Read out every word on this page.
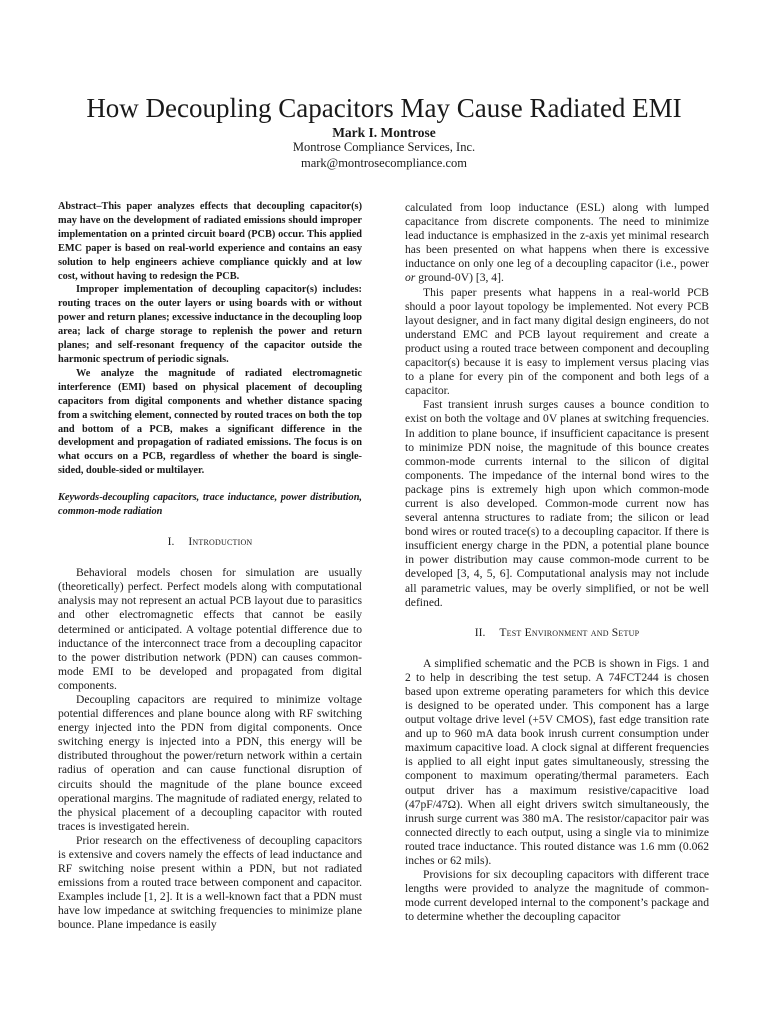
How Decoupling Capacitors May Cause Radiated EMI
Mark I. Montrose
Montrose Compliance Services, Inc.
mark@montrosecompliance.com

Abstract–This paper analyzes effects that decoupling capacitor(s) may have on the development of radiated emissions should improper implementation on a printed circuit board (PCB) occur. This applied EMC paper is based on real-world experience and contains an easy solution to help engineers achieve compliance quickly and at low cost, without having to redesign the PCB.

Improper implementation of decoupling capacitor(s) includes: routing traces on the outer layers or using boards with or without power and return planes; excessive inductance in the decoupling loop area; lack of charge storage to replenish the power and return planes; and self-resonant frequency of the capacitor outside the harmonic spectrum of periodic signals.

We analyze the magnitude of radiated electromagnetic interference (EMI) based on physical placement of decoupling capacitors from digital components and whether distance spacing from a switching element, connected by routed traces on both the top and bottom of a PCB, makes a significant difference in the development and propagation of radiated emissions. The focus is on what occurs on a PCB, regardless of whether the board is single-sided, double-sided or multilayer.

Keywords-decoupling capacitors, trace inductance, power distribution, common-mode radiation

I. Introduction

Behavioral models chosen for simulation are usually (theoretically) perfect. Perfect models along with computational analysis may not represent an actual PCB layout due to parasitics and other electromagnetic effects that cannot be easily determined or anticipated. A voltage potential difference due to inductance of the interconnect trace from a decoupling capacitor to the power distribution network (PDN) can causes common-mode EMI to be developed and propagated from digital components.

Decoupling capacitors are required to minimize voltage potential differences and plane bounce along with RF switching energy injected into the PDN from digital components. Once switching energy is injected into a PDN, this energy will be distributed throughout the power/return network within a certain radius of operation and can cause functional disruption of circuits should the magnitude of the plane bounce exceed operational margins. The magnitude of radiated energy, related to the physical placement of a decoupling capacitor with routed traces is investigated herein.

Prior research on the effectiveness of decoupling capacitors is extensive and covers namely the effects of lead inductance and RF switching noise present within a PDN, but not radiated emissions from a routed trace between component and capacitor. Examples include [1, 2]. It is a well-known fact that a PDN must have low impedance at switching frequencies to minimize plane bounce. Plane impedance is easily

calculated from loop inductance (ESL) along with lumped capacitance from discrete components. The need to minimize lead inductance is emphasized in the z-axis yet minimal research has been presented on what happens when there is excessive inductance on only one leg of a decoupling capacitor (i.e., power or ground-0V) [3, 4].

This paper presents what happens in a real-world PCB should a poor layout topology be implemented. Not every PCB layout designer, and in fact many digital design engineers, do not understand EMC and PCB layout requirement and create a product using a routed trace between component and decoupling capacitor(s) because it is easy to implement versus placing vias to a plane for every pin of the component and both legs of a capacitor.

Fast transient inrush surges causes a bounce condition to exist on both the voltage and 0V planes at switching frequencies. In addition to plane bounce, if insufficient capacitance is present to minimize PDN noise, the magnitude of this bounce creates common-mode currents internal to the silicon of digital components. The impedance of the internal bond wires to the package pins is extremely high upon which common-mode current is also developed. Common-mode current now has several antenna structures to radiate from; the silicon or lead bond wires or routed trace(s) to a decoupling capacitor. If there is insufficient energy charge in the PDN, a potential plane bounce in power distribution may cause common-mode current to be developed [3, 4, 5, 6]. Computational analysis may not include all parametric values, may be overly simplified, or not be well defined.

II. Test Environment and Setup

A simplified schematic and the PCB is shown in Figs. 1 and 2 to help in describing the test setup. A 74FCT244 is chosen based upon extreme operating parameters for which this device is designed to be operated under. This component has a large output voltage drive level (+5V CMOS), fast edge transition rate and up to 960 mA data book inrush current consumption under maximum capacitive load. A clock signal at different frequencies is applied to all eight input gates simultaneously, stressing the component to maximum operating/thermal parameters. Each output driver has a maximum resistive/capacitive load (47pF/47Ω). When all eight drivers switch simultaneously, the inrush surge current was 380 mA. The resistor/capacitor pair was connected directly to each output, using a single via to minimize routed trace inductance. This routed distance was 1.6 mm (0.062 inches or 62 mils).

Provisions for six decoupling capacitors with different trace lengths were provided to analyze the magnitude of common-mode current developed internal to the component’s package and to determine whether the decoupling capacitor
